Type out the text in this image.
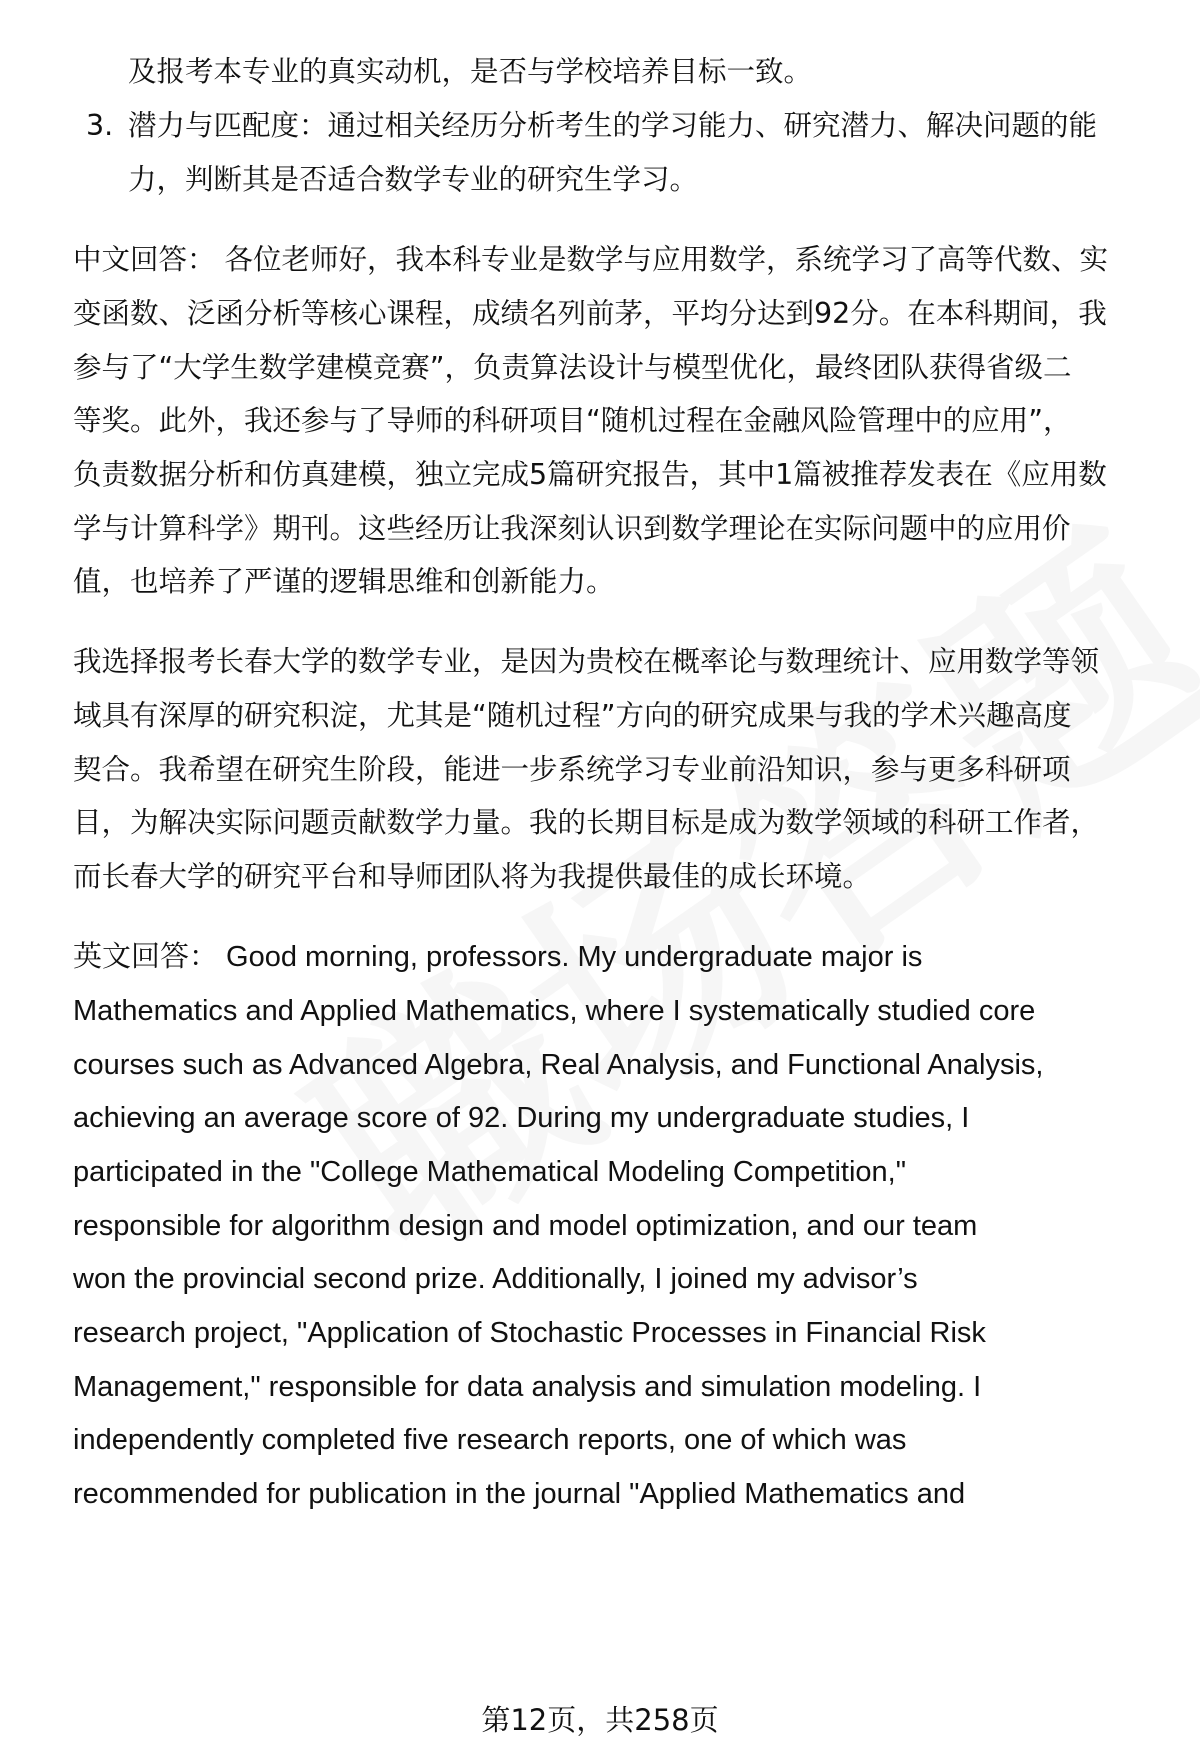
及报考本专业的真实动机，是否与学校培养目标一致。
3. 潜力与匹配度：通过相关经历分析考生的学习能力、研究潜力、解决问题的能
力，判断其是否适合数学专业的研究生学习。
中文回答： 各位老师好，我本科专业是数学与应用数学，系统学习了高等代数、实
变函数、泛函分析等核心课程，成绩名列前茅，平均分达到92分。在本科期间，我
参与了“大学生数学建模竞赛”，负责算法设计与模型优化，最终团队获得省级二
等奖。此外，我还参与了导师的科研项目“随机过程在金融风险管理中的应用”，
负责数据分析和仿真建模，独立完成5篇研究报告，其中1篇被推荐发表在《应用数
学与计算科学》期刊。这些经历让我深刻认识到数学理论在实际问题中的应用价
值，也培养了严谨的逻辑思维和创新能力。
我选择报考长春大学的数学专业，是因为贵校在概率论与数理统计、应用数学等领
域具有深厚的研究积淀，尤其是“随机过程”方向的研究成果与我的学术兴趣高度
契合。我希望在研究生阶段，能进一步系统学习专业前沿知识，参与更多科研项
目，为解决实际问题贡献数学力量。我的长期目标是成为数学领域的科研工作者，
而长春大学的研究平台和导师团队将为我提供最佳的成长环境。
英文回答： Good morning, professors. My undergraduate major is
Mathematics and Applied Mathematics, where I systematically studied core
courses such as Advanced Algebra, Real Analysis, and Functional Analysis,
achieving an average score of 92. During my undergraduate studies, I
participated in the "College Mathematical Modeling Competition,"
responsible for algorithm design and model optimization, and our team
won the provincial second prize. Additionally, I joined my advisor’s
research project, "Application of Stochastic Processes in Financial Risk
Management," responsible for data analysis and simulation modeling. I
independently completed five research reports, one of which was
recommended for publication in the journal "Applied Mathematics and
第12页，共258页
